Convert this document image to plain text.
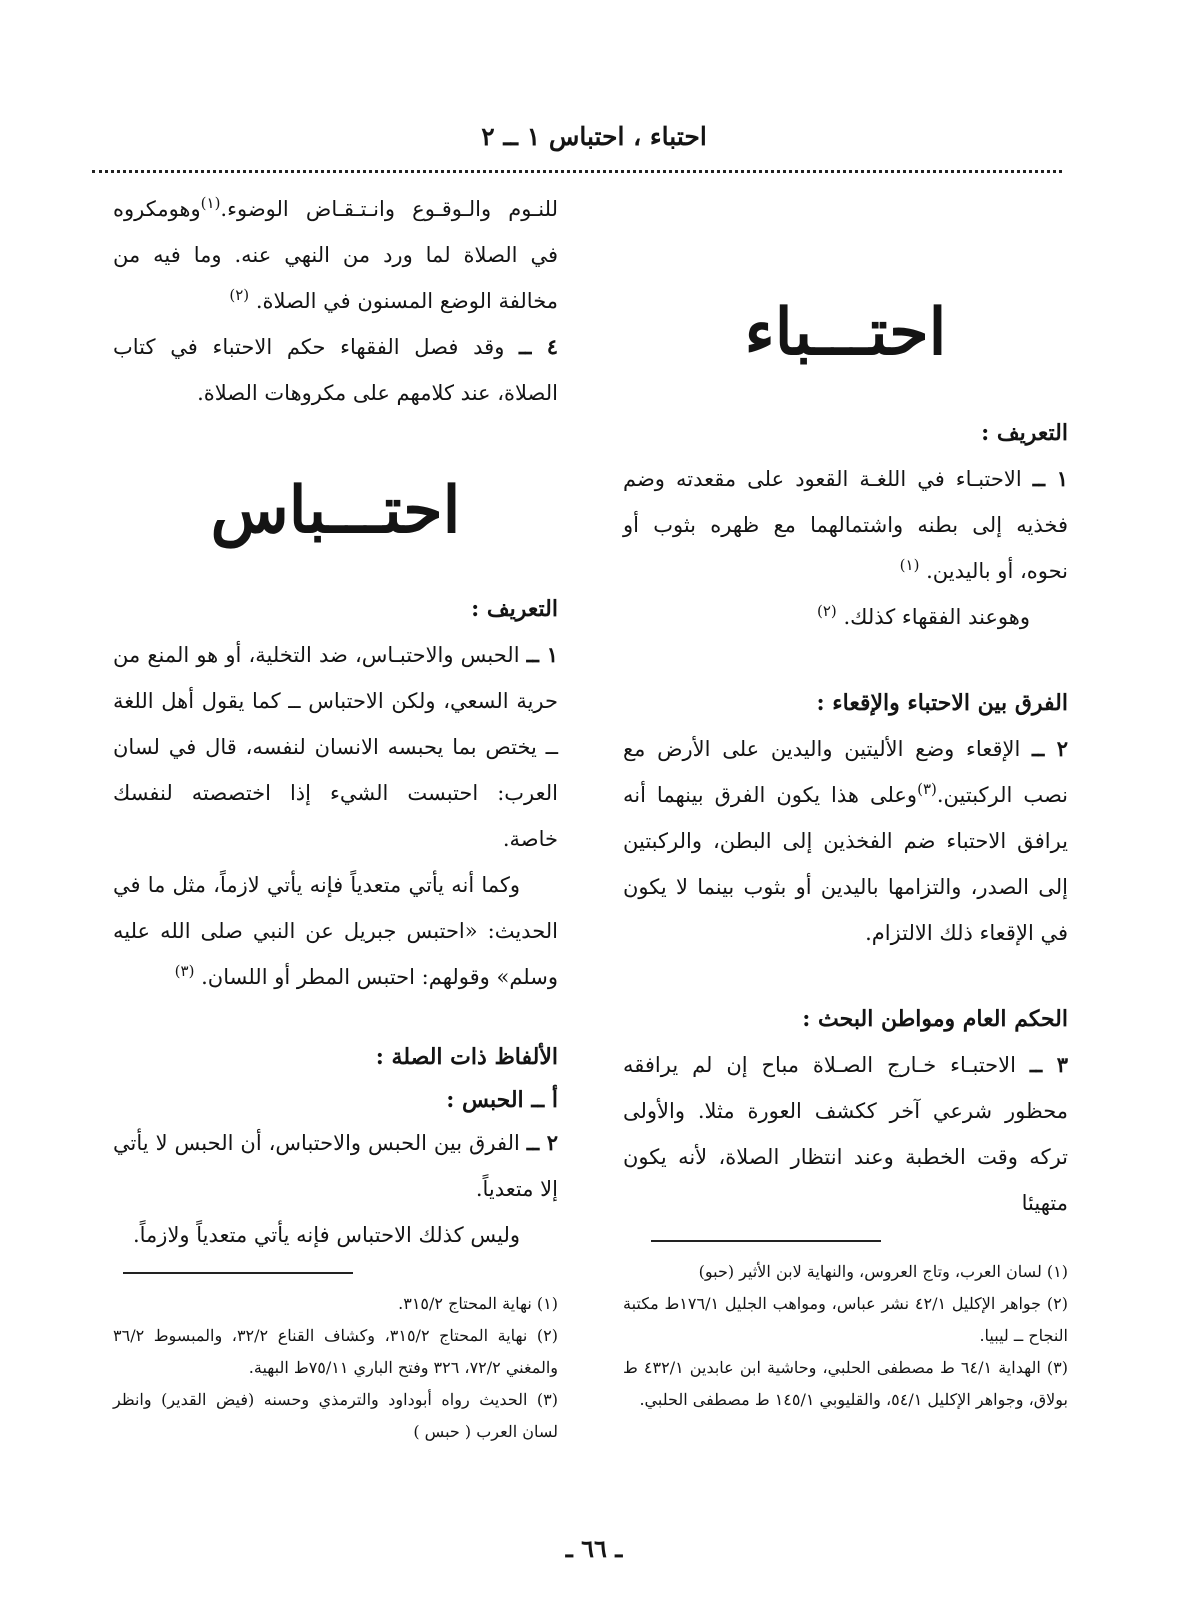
احتباء ، احتباس ١ ــ ٢
احتـــباء
التعريف :

١ ــ الاحتبـاء في اللغـة القعود على مقعدته وضم فخذيه إلى بطنه واشتمالهما مع ظهره بثوب أو نحوه، أو باليدين. $^{(١)}$

وهوعند الفقهاء كذلك. $^{(٢)}$

الفرق بين الاحتباء والإقعاء :

٢ ــ الإقعاء وضع الأليتين واليدين على الأرض مع نصب الركبتين.$^{(٣)}$وعلى هذا يكون الفرق بينهما أنه يرافق الاحتباء ضم الفخذين إلى البطن، والركبتين إلى الصدر، والتزامها باليدين أو بثوب بينما لا يكون في الإقعاء ذلك الالتزام.

الحكم العام ومواطن البحث :

٣ ــ الاحتبـاء خـارج الصـلاة مباح إن لم يرافقه محظور شرعي آخر ككشف العورة مثلا. والأولى تركه وقت الخطبة وعند انتظار الصلاة، لأنه يكون متهيئا

(١) لسان العرب، وتاج العروس، والنهاية لابن الأثير (حبو)

(٢) جواهر الإكليل ٤٢/١ نشر عباس، ومواهب الجليل ١٧٦/١ط مكتبة النجاح ــ ليبيا.

(٣) الهداية ٦٤/١ ط مصطفى الحلبي، وحاشية ابن عابدين ٤٣٢/١ ط بولاق، وجواهر الإكليل ٥٤/١، والقليوبي ١٤٥/١ ط مصطفى الحلبي.

للنـوم والـوقـوع وانـتـقـاض الوضوء.$^{(١)}$وهومكروه في الصلاة لما ورد من النهي عنه. وما فيه من مخالفة الوضع المسنون في الصلاة. $^{(٢)}$

٤ ــ وقد فصل الفقهاء حكم الاحتباء في كتاب الصلاة، عند كلامهم على مكروهات الصلاة.

احتـــباس
التعريف :

١ ــ الحبس والاحتبـاس، ضد التخلية، أو هو المنع من حرية السعي، ولكن الاحتباس ــ كما يقول أهل اللغة ــ يختص بما يحبسه الانسان لنفسه، قال في لسان العرب: احتبست الشيء إذا اختصصته لنفسك خاصة.

وكما أنه يأتي متعدياً فإنه يأتي لازماً، مثل ما في الحديث: «احتبس جبريل عن النبي صلى الله عليه وسلم» وقولهم: احتبس المطر أو اللسان. $^{(٣)}$

الألفاظ ذات الصلة :
أ ــ الحبس :

٢ ــ الفرق بين الحبس والاحتباس، أن الحبس لا يأتي إلا متعدياً.

وليس كذلك الاحتباس فإنه يأتي متعدياً ولازماً.

(١) نهاية المحتاج ٣١٥/٢.

(٢) نهاية المحتاج ٣١٥/٢، وكشاف القناع ٣٢/٢، والمبسوط ٣٦/٢ والمغني ٧٢/٢، ٣٢٦ وفتح الباري ٧٥/١١ط البهية.

(٣) الحديث رواه أبوداود والترمذي وحسنه (فيض القدير) وانظر لسان العرب ( حبس )

ـ ٦٦ ـ
